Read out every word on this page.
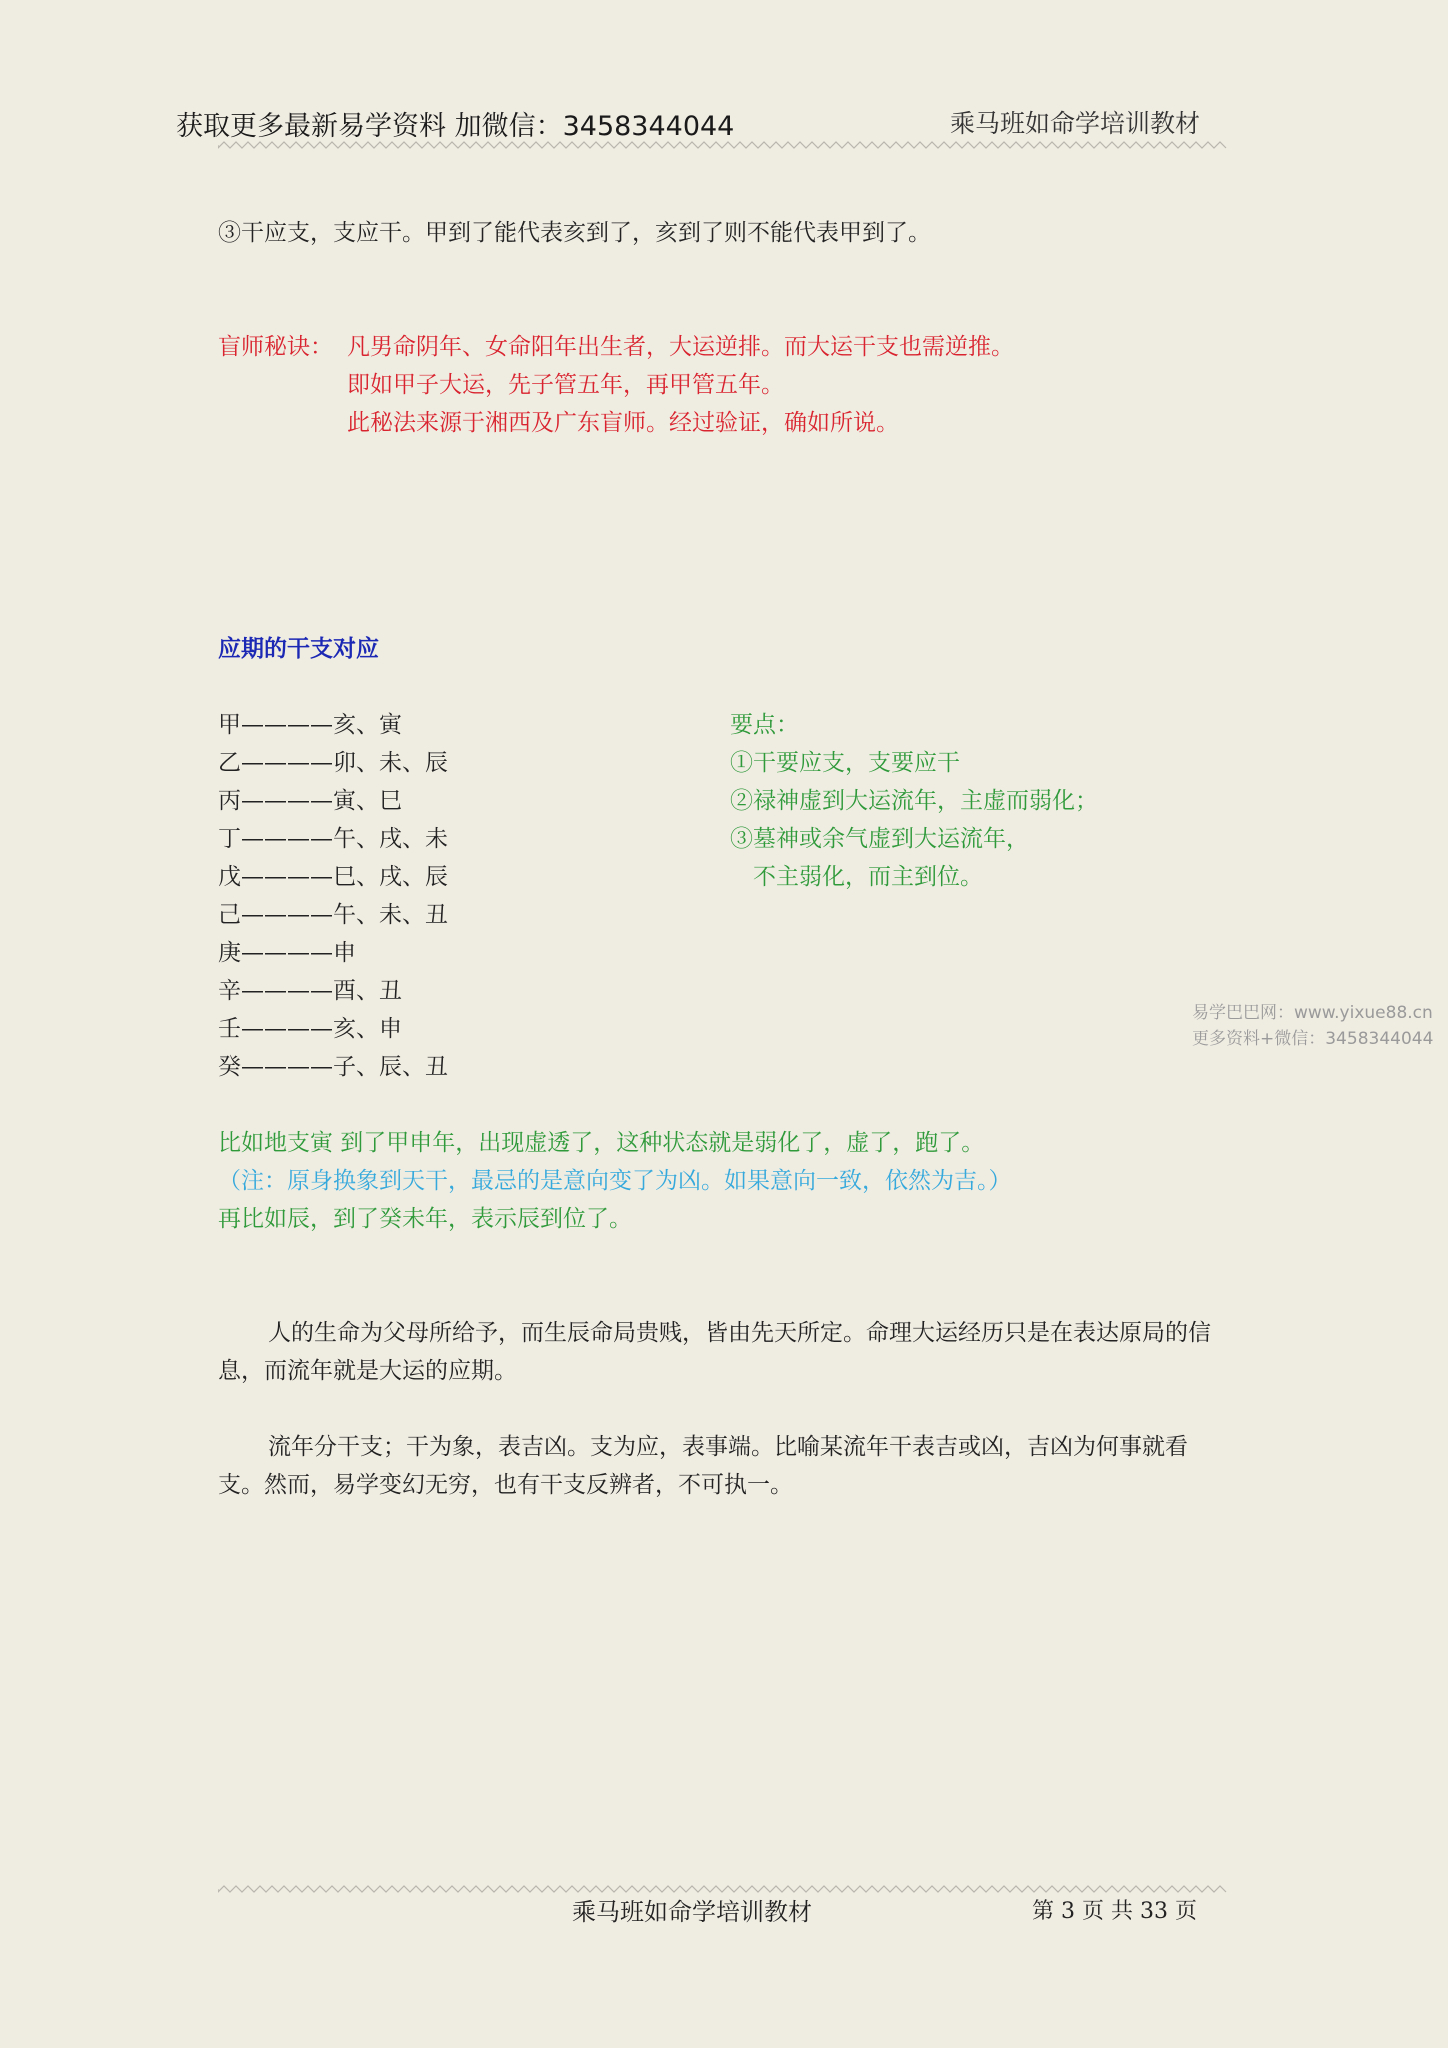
获取更多最新易学资料 加微信：3458344044	乘马班如命学培训教材
③干应支，支应干。甲到了能代表亥到了，亥到了则不能代表甲到了。
盲师秘诀： 凡男命阴年、女命阳年出生者，大运逆排。而大运干支也需逆推。
即如甲子大运，先子管五年，再甲管五年。
此秘法来源于湘西及广东盲师。经过验证，确如所说。
应期的干支对应
甲————亥、寅
乙————卯、未、辰
丙————寅、巳
丁————午、戌、未
戊————巳、戌、辰
己————午、未、丑
庚————申
辛————酉、丑
壬————亥、申
癸————子、辰、丑
要点：
①干要应支，支要应干
②禄神虚到大运流年，主虚而弱化；
③墓神或余气虚到大运流年，
　不主弱化，而主到位。
易学巴巴网：www.yixue88.cn
更多资料+微信：3458344044
比如地支寅 到了甲申年，出现虚透了，这种状态就是弱化了，虚了，跑了。
（注：原身换象到天干，最忌的是意向变了为凶。如果意向一致，依然为吉。）
再比如辰，到了癸未年，表示辰到位了。
人的生命为父母所给予，而生辰命局贵贱，皆由先天所定。命理大运经历只是在表达原局的信息，而流年就是大运的应期。
流年分干支；干为象，表吉凶。支为应，表事端。比喻某流年干表吉或凶，吉凶为何事就看支。然而，易学变幻无穷，也有干支反辨者，不可执一。
乘马班如命学培训教材	第 3 页 共 33 页
